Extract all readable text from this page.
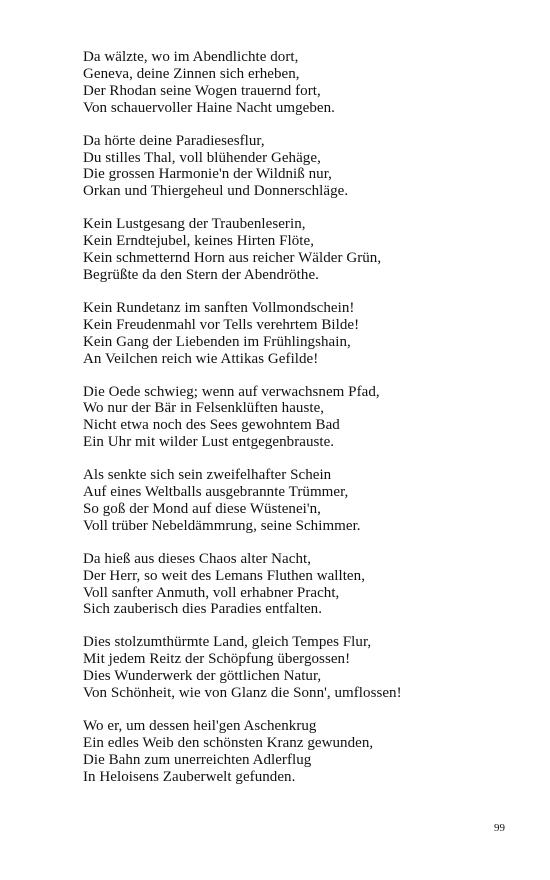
Da wälzte, wo im Abendlichte dort,
Geneva, deine Zinnen sich erheben,
Der Rhodan seine Wogen trauernd fort,
Von schauervoller Haine Nacht umgeben.
Da hörte deine Paradiesesflur,
Du stilles Thal, voll blühender Gehäge,
Die grossen Harmonie'n der Wildniß nur,
Orkan und Thiergeheul und Donnerschläge.
Kein Lustgesang der Traubenleserin,
Kein Erndtejubel, keines Hirten Flöte,
Kein schmetternd Horn aus reicher Wälder Grün,
Begrüßte da den Stern der Abendröthe.
Kein Rundetanz im sanften Vollmondschein!
Kein Freudenmahl vor Tells verehrtem Bilde!
Kein Gang der Liebenden im Frühlingshain,
An Veilchen reich wie Attikas Gefilde!
Die Oede schwieg; wenn auf verwachsnem Pfad,
Wo nur der Bär in Felsenklüften hauste,
Nicht etwa noch des Sees gewohntem Bad
Ein Uhr mit wilder Lust entgegenbrauste.
Als senkte sich sein zweifelhafter Schein
Auf eines Weltballs ausgebrannte Trümmer,
So goß der Mond auf diese Wüstenei'n,
Voll trüber Nebeldämmrung, seine Schimmer.
Da hieß aus dieses Chaos alter Nacht,
Der Herr, so weit des Lemans Fluthen wallten,
Voll sanfter Anmuth, voll erhabner Pracht,
Sich zauberisch dies Paradies entfalten.
Dies stolzumthürmte Land, gleich Tempes Flur,
Mit jedem Reitz der Schöpfung übergossen!
Dies Wunderwerk der göttlichen Natur,
Von Schönheit, wie von Glanz die Sonn', umflossen!
Wo er, um dessen heil'gen Aschenkrug
Ein edles Weib den schönsten Kranz gewunden,
Die Bahn zum unerreichten Adlerflug
In Heloisens Zauberwelt gefunden.
99
